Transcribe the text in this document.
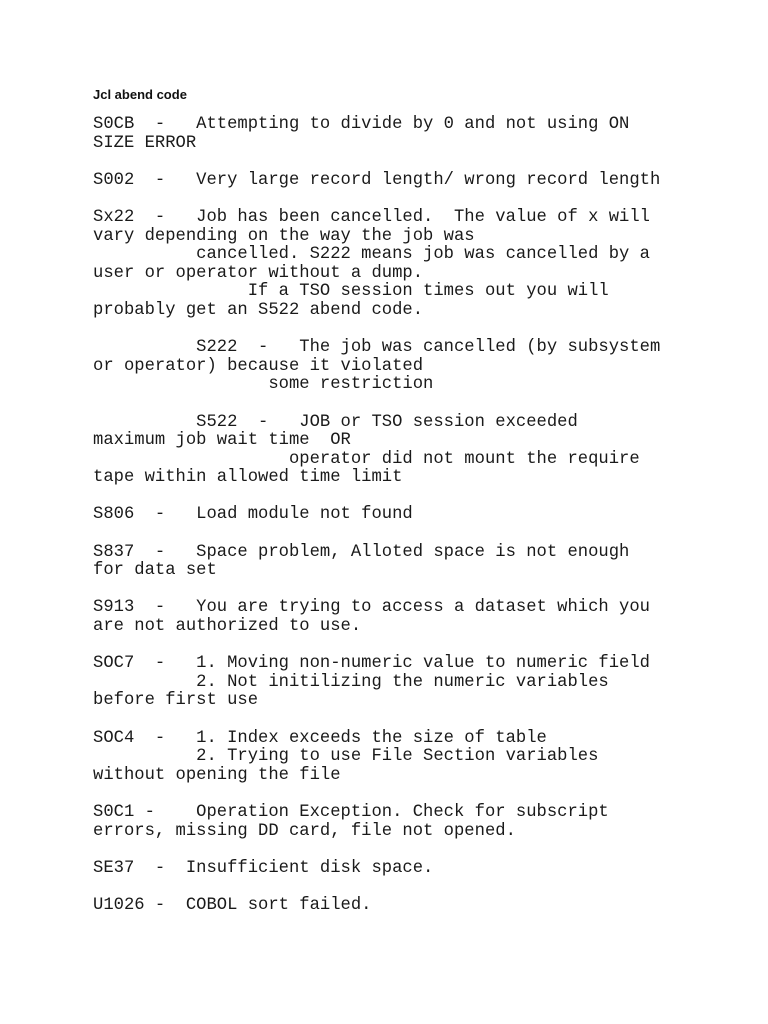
Jcl abend code
S0CB  -   Attempting to divide by 0 and not using ON
SIZE ERROR

S002  -   Very large record length/ wrong record length

Sx22  -   Job has been cancelled.  The value of x will
vary depending on the way the job was
cancelled. S222 means job was cancelled by a
user or operator without a dump.
If a TSO session times out you will
probably get an S522 abend code.

S222  -   The job was cancelled (by subsystem
or operator) because it violated
some restriction

S522  -   JOB or TSO session exceeded
maximum job wait time  OR
operator did not mount the require
tape within allowed time limit

S806  -   Load module not found

S837  -   Space problem, Alloted space is not enough
for data set

S913  -   You are trying to access a dataset which you
are not authorized to use.

SOC7  -   1. Moving non-numeric value to numeric field
2. Not initilizing the numeric variables
before first use

SOC4  -   1. Index exceeds the size of table
2. Trying to use File Section variables
without opening the file

S0C1 -    Operation Exception. Check for subscript
errors, missing DD card, file not opened.

SE37  -  Insufficient disk space.

U1026 -  COBOL sort failed.
